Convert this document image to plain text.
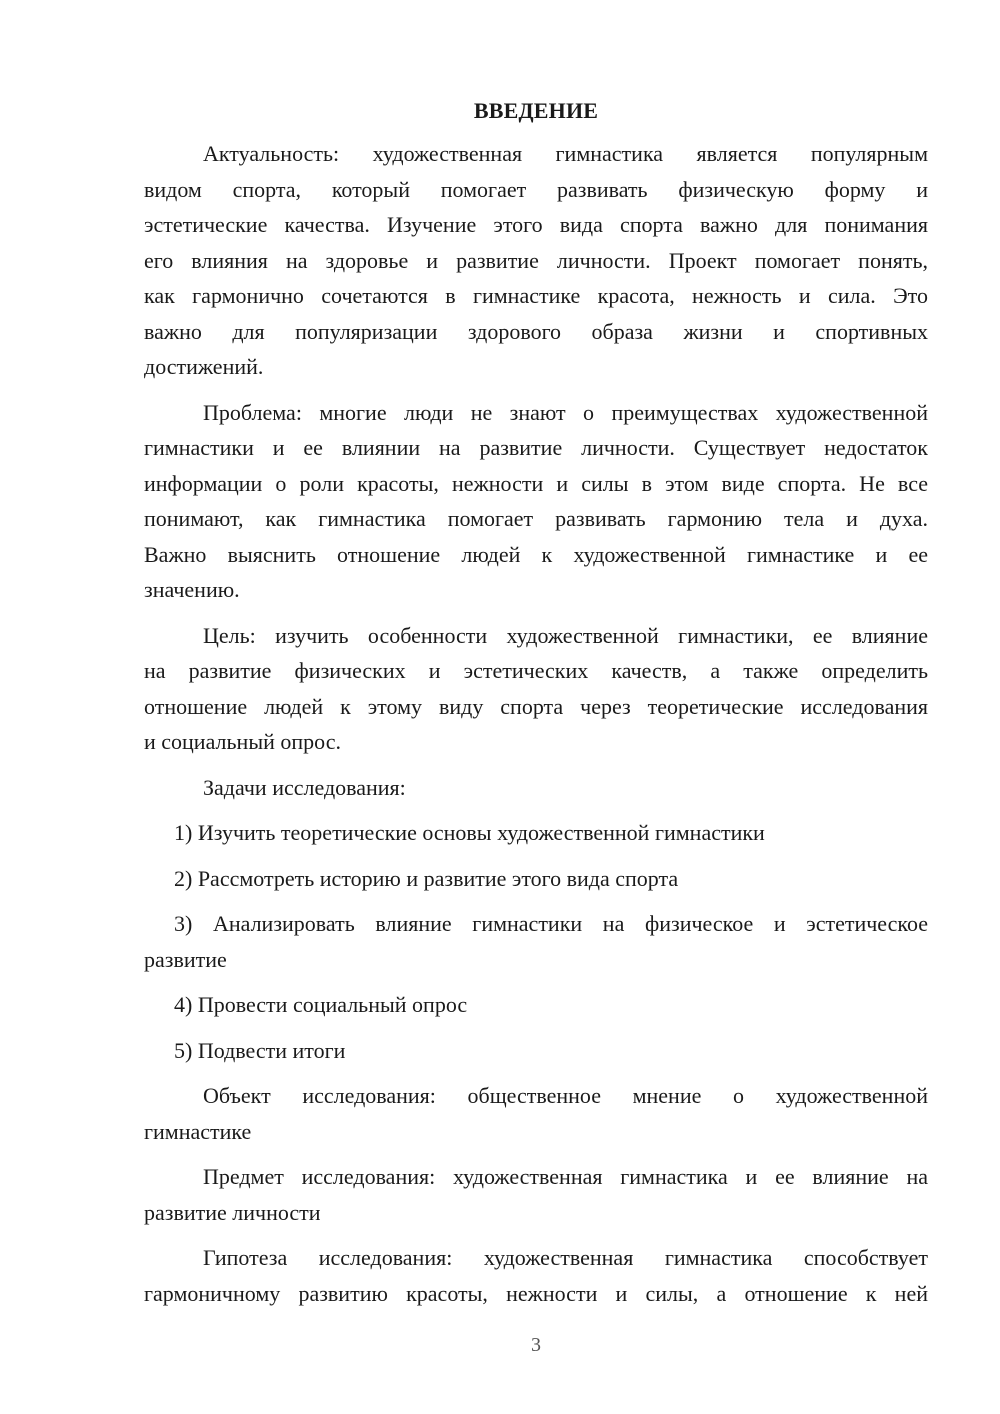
ВВЕДЕНИЕ
Актуальность: художественная гимнастика является популярным
видом спорта, который помогает развивать физическую форму и
эстетические качества. Изучение этого вида спорта важно для понимания
его влияния на здоровье и развитие личности. Проект помогает понять,
как гармонично сочетаются в гимнастике красота, нежность и сила. Это
важно для популяризации здорового образа жизни и спортивных
достижений.
Проблема: многие люди не знают о преимуществах художественной
гимнастики и ее влиянии на развитие личности. Существует недостаток
информации о роли красоты, нежности и силы в этом виде спорта. Не все
понимают, как гимнастика помогает развивать гармонию тела и духа.
Важно выяснить отношение людей к художественной гимнастике и ее
значению.
Цель: изучить особенности художественной гимнастики, ее влияние
на развитие физических и эстетических качеств, а также определить
отношение людей к этому виду спорта через теоретические исследования
и социальный опрос.
Задачи исследования:
1) Изучить теоретические основы художественной гимнастики
2) Рассмотреть историю и развитие этого вида спорта
3) Анализировать влияние гимнастики на физическое и эстетическое
развитие
4) Провести социальный опрос
5) Подвести итоги
Объект исследования: общественное мнение о художественной
гимнастике
Предмет исследования: художественная гимнастика и ее влияние на
развитие личности
Гипотеза исследования: художественная гимнастика способствует
гармоничному развитию красоты, нежности и силы, а отношение к ней
3
